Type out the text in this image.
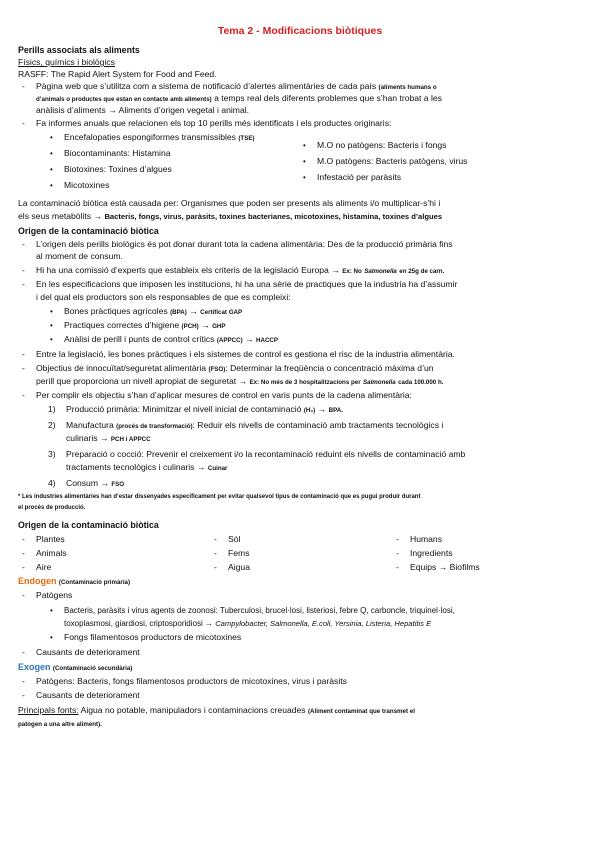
Tema 2 - Modificacions biòtiques
Perills associats als aliments
Físics, químics i biològics
RASFF: The Rapid Alert System for Food and Feed.
- Pàgina web que s’utilitza com a sistema de notificació d’alertes alimentàries de cada país (aliments humans o
d’animals o productes que estan en contacte amb aliments) a temps real dels diferents problemes que s’han trobat a les
anàlisis d’aliments → Aliments d’origen vegetal i animal.
- Fa informes anuals que relacionen els top 10 perills més identificats i els productes originaris:
• Encefalopaties espongiformes transmissibles (TSE)
• Biocontaminants: Histamina
• Biotoxines: Toxines d’algues
• Micotoxines
• M.O no patògens: Bacteris i fongs
• M.O patògens: Bacteris patògens, virus
• Infestació per paràsits
La contaminació biòtica està causada per: Organismes que poden ser presents als aliments i/o multiplicar-s’hi i
els seus metabòlits → Bacteris, fongs, virus, paràsits, toxines bacterianes, micotoxines, histamina, toxines d’algues
Origen de la contaminació biòtica
- L’origen dels perills biològics és pot donar durant tota la cadena alimentària: Des de la producció primària fins
al moment de consum.
- Hi ha una comissió d’experts que estableix els criteris de la legislació Europa → Ex: No Salmonella en 25g de carn.
- En les especificacions que imposen les institucions, hi ha una sèrie de practiques que la industria ha d’assumir
i del qual els productors son els responsables de que es compleixi:
• Bones pràctiques agrícoles (BPA) → Certificat GAP
• Practiques correctes d’higiene (PCH) → GHP
• Anàlisi de perill i punts de control crítics (APPCC) → HACCP
- Entre la legislació, les bones pràctiques i els sistemes de control es gestiona el risc de la industria alimentària.
- Objectius de innocuïtat/seguretat alimentària (FSO): Determinar la freqüència o concentració màxima d’un
perill que proporciona un nivell apropiat de seguretat → Ex: No més de 3 hospitalitzacions per Salmonella cada 100.000 h.
- Per complir els objectiu s’han d’aplicar mesures de control en varis punts de la cadena alimentària:
1) Producció primària: Minimitzar el nivell inicial de contaminació (H₀) → BPA.
2) Manufactura (procés de transformació): Reduir els nivells de contaminació amb tractaments tecnològics i
culinaris → PCH i APPCC
3) Preparació o cocció: Prevenir el creixement i/o la recontaminació reduint els nivells de contaminació amb
tractaments tecnològics i culinaris → Cuinar
4) Consum → FSO
* Les industries alimentàries han d’estar dissenyades específicament per evitar qualsevol tipus de contaminació que es pugui produir durant
el procés de producció.
Origen de la contaminació biòtica
- Plantes
- Animals
- Aire
- Sòl
- Fems
- Aigua
- Humans
- Ingredients
- Equips → Biofilms
Endogen (Contaminació primària)
- Patògens
• Bacteris, paràsits i virus agents de zoonosi: Tuberculosi, brucel·losi, listeriosi, febre Q, carboncle, triquinel·losi,
toxoplasmosi, giardiosi, criptosporidiosi → Campylobacter, Salmonella, E.coli, Yersinia, Listeria, Hepatitis E
• Fongs filamentosos productors de micotoxines
- Causants de deteriorament
Exogen (Contaminació secundària)
- Patògens: Bacteris, fongs filamentosos productors de micotoxines, virus i paràsits
- Causants de deteriorament
Principals fonts: Aigua no potable, manipuladors i contaminacions creuades (Aliment contaminat que transmet el
patogen a una altre aliment).
